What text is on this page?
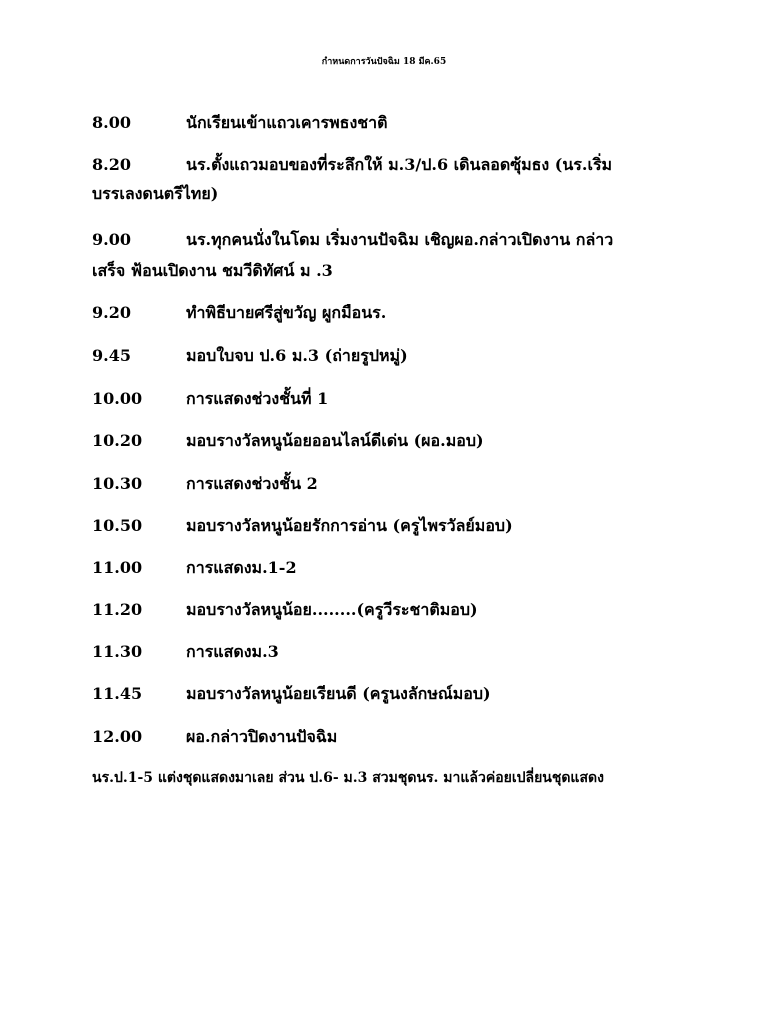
กำหนดการวันปัจฉิม 18 มีค.65
8.00	นักเรียนเข้าแถวเคารพธงชาติ
8.20	นร.ตั้งแถวมอบของที่ระลึกให้ ม.3/ป.6 เดินลอดซุ้มธง (นร.เริ่ม
บรรเลงดนตรีไทย)
9.00	นร.ทุกคนนั่งในโดม เริ่มงานปัจฉิม เชิญผอ.กล่าวเปิดงาน กล่าว
เสร็จ ฟ้อนเปิดงาน ชมวีดิทัศน์ ม .3
9.20	ทำพิธีบายศรีสู่ขวัญ ผูกมือนร.
9.45	มอบใบจบ ป.6 ม.3 (ถ่ายรูปหมู่)
10.00	การแสดงช่วงชั้นที่ 1
10.20	มอบรางวัลหนูน้อยออนไลน์ดีเด่น (ผอ.มอบ)
10.30	การแสดงช่วงชั้น 2
10.50	มอบรางวัลหนูน้อยรักการอ่าน (ครูไพรวัลย์มอบ)
11.00	การแสดงม.1-2
11.20	มอบรางวัลหนูน้อย........(ครูวีระชาติมอบ)
11.30	การแสดงม.3
11.45	มอบรางวัลหนูน้อยเรียนดี (ครูนงลักษณ์มอบ)
12.00	ผอ.กล่าวปิดงานปัจฉิม
นร.ป.1-5 แต่งชุดแสดงมาเลย ส่วน ป.6- ม.3 สวมชุดนร. มาแล้วค่อยเปลี่ยนชุดแสดง
